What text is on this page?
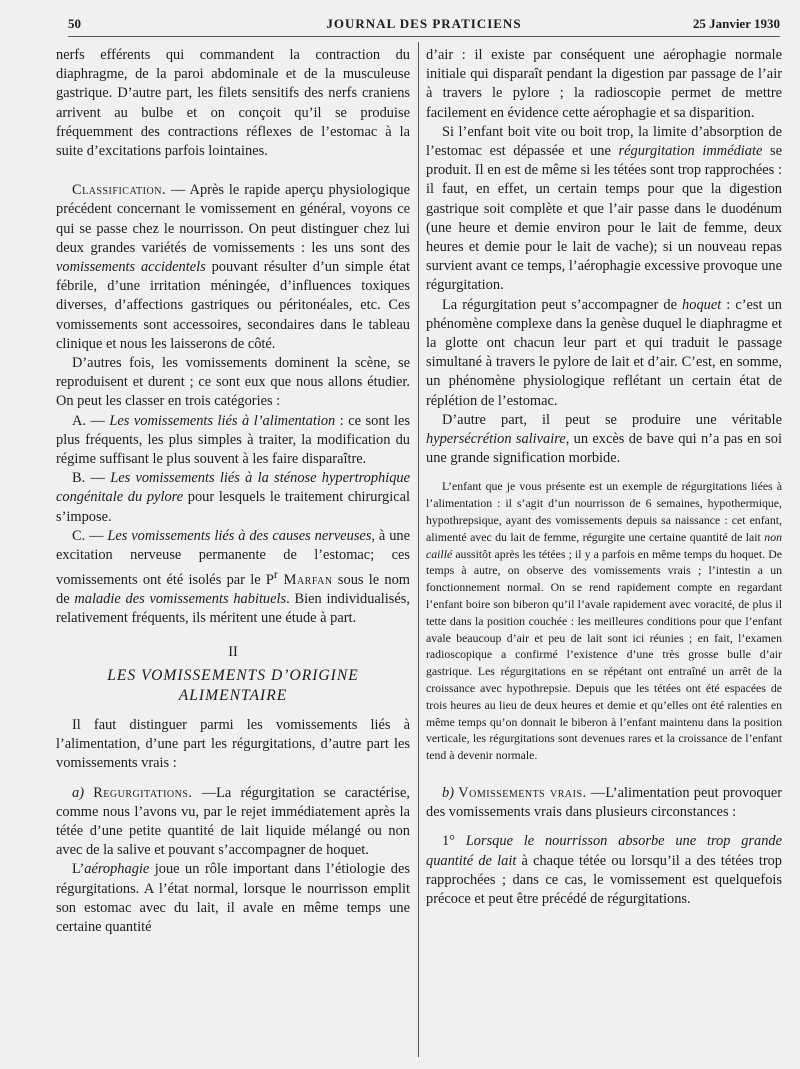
50	JOURNAL DES PRATICIENS	25 Janvier 1930

nerfs efférents qui commandent la contraction du diaphragme, de la paroi abdominale et de la musculeuse gastrique. D’autre part, les filets sensitifs des nerfs craniens arrivent au bulbe et on conçoit qu’il se produise fréquemment des contractions réflexes de l’estomac à la suite d’excitations parfois lointaines.

Classification. — Après le rapide aperçu physiologique précédent concernant le vomissement en général, voyons ce qui se passe chez le nourrisson. On peut distinguer chez lui deux grandes variétés de vomissements : les uns sont des vomissements accidentels pouvant résulter d’un simple état fébrile, d’une irritation méningée, d’influences toxiques diverses, d’affections gastriques ou péritonéales, etc. Ces vomissements sont accessoires, secondaires dans le tableau clinique et nous les laisserons de côté.

D’autres fois, les vomissements dominent la scène, se reproduisent et durent ; ce sont eux que nous allons étudier. On peut les classer en trois catégories :

A. — Les vomissements liés à l’alimentation : ce sont les plus fréquents, les plus simples à traiter, la modification du régime suffisant le plus souvent à les faire disparaître.

B. — Les vomissements liés à la sténose hypertrophique congénitale du pylore pour lesquels le traitement chirurgical s’impose.

C. — Les vomissements liés à des causes nerveuses, à une excitation nerveuse permanente de l’estomac; ces vomissements ont été isolés par le $P^r$ Marfan sous le nom de maladie des vomissements habituels. Bien individualisés, relativement fréquents, ils méritent une étude à part.

II
LES VOMISSEMENTS D’ORIGINE
ALIMENTAIRE

Il faut distinguer parmi les vomissements liés à l’alimentation, d’une part les régurgitations, d’autre part les vomissements vrais :

a) Regurgitations. —La régurgitation se caractérise, comme nous l’avons vu, par le rejet immédiatement après la tétée d’une petite quantité de lait liquide mélangé ou non avec de la salive et pouvant s’accompagner de hoquet.

L’aérophagie joue un rôle important dans l’étiologie des régurgitations. A l’état normal, lorsque le nourrisson emplit son estomac avec du lait, il avale en même temps une certaine quantité

d’air : il existe par conséquent une aérophagie normale initiale qui disparaît pendant la digestion par passage de l’air à travers le pylore ; la radioscopie permet de mettre facilement en évidence cette aérophagie et sa disparition.

Si l’enfant boit vite ou boit trop, la limite d’absorption de l’estomac est dépassée et une régurgitation immédiate se produit. Il en est de même si les tétées sont trop rapprochées : il faut, en effet, un certain temps pour que la digestion gastrique soit complète et que l’air passe dans le duodénum (une heure et demie environ pour le lait de femme, deux heures et demie pour le lait de vache); si un nouveau repas survient avant ce temps, l’aérophagie excessive provoque une régurgitation.

La régurgitation peut s’accompagner de hoquet : c’est un phénomène complexe dans la genèse duquel le diaphragme et la glotte ont chacun leur part et qui traduit le passage simultané à travers le pylore de lait et d’air. C’est, en somme, un phénomène physiologique reflétant un certain état de réplétion de l’estomac.

D’autre part, il peut se produire une véritable hypersécrétion salivaire, un excès de bave qui n’a pas en soi une grande signification morbide.

L’enfant que je vous présente est un exemple de régurgitations liées à l’alimentation : il s’agit d’un nourrisson de 6 semaines, hypothermique, hypothrepsique, ayant des vomissements depuis sa naissance : cet enfant, alimenté avec du lait de femme, régurgite une certaine quantité de lait non caillé aussitôt après les tétées ; il y a parfois en même temps du hoquet. De temps à autre, on observe des vomissements vrais ; l’intestin a un fonctionnement normal. On se rend rapidement compte en regardant l’enfant boire son biberon qu’il l’avale rapidement avec voracité, de plus il tette dans la position couchée : les meilleures conditions pour que l’enfant avale beaucoup d’air et peu de lait sont ici réunies ; en fait, l’examen radioscopique a confirmé l’existence d’une très grosse bulle d’air gastrique. Les régurgitations en se répétant ont entraîné un arrêt de la croissance avec hypothrepsie. Depuis que les tétées ont été espacées de trois heures au lieu de deux heures et demie et qu’elles ont été ralenties en même temps qu’on donnait le biberon à l’enfant maintenu dans la position verticale, les régurgitations sont devenues rares et la croissance de l’enfant tend à devenir normale.

b) Vomissements vrais. —L’alimentation peut provoquer des vomissements vrais dans plusieurs circonstances :

1° Lorsque le nourrisson absorbe une trop grande quantité de lait à chaque tétée ou lorsqu’il a des tétées trop rapprochées ; dans ce cas, le vomissement est quelquefois précoce et peut être précédé de régurgitations.
